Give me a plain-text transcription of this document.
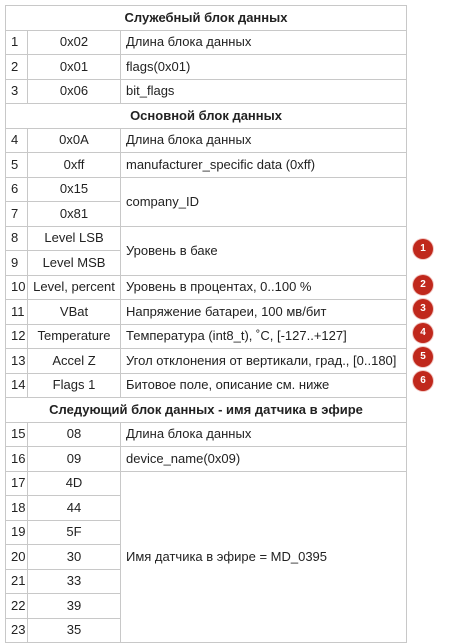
Служебный блок данных		
1	0x02	Длина блока данных
2	0x01	flags(0x01)
3	0x06	bit_flags
Основной блок данных		
4	0x0A	Длина блока данных
5	0xff	manufacturer_specific data (0xff)
6	0x15	company_ID
7	0x81	
8	Level LSB	Уровень в баке
9	Level MSB	
10	Level, percent	Уровень в процентах, 0..100 %
11	VBat	Напряжение батареи, 100 мв/бит
12	Temperature	Температура (int8_t), ˚C, [-127..+127]
13	Accel Z	Угол отклонения от вертикали, град., [0..180]
14	Flags 1	Битовое поле, описание см. ниже
Следующий блок данных - имя датчика в эфире		
15	08	Длина блока данных
16	09	device_name(0x09)
17	4D	Имя датчика в эфире = MD_0395
18	44	
19	5F	
20	30	
21	33	
22	39	
23	35	
1
2
3
4
5
6
